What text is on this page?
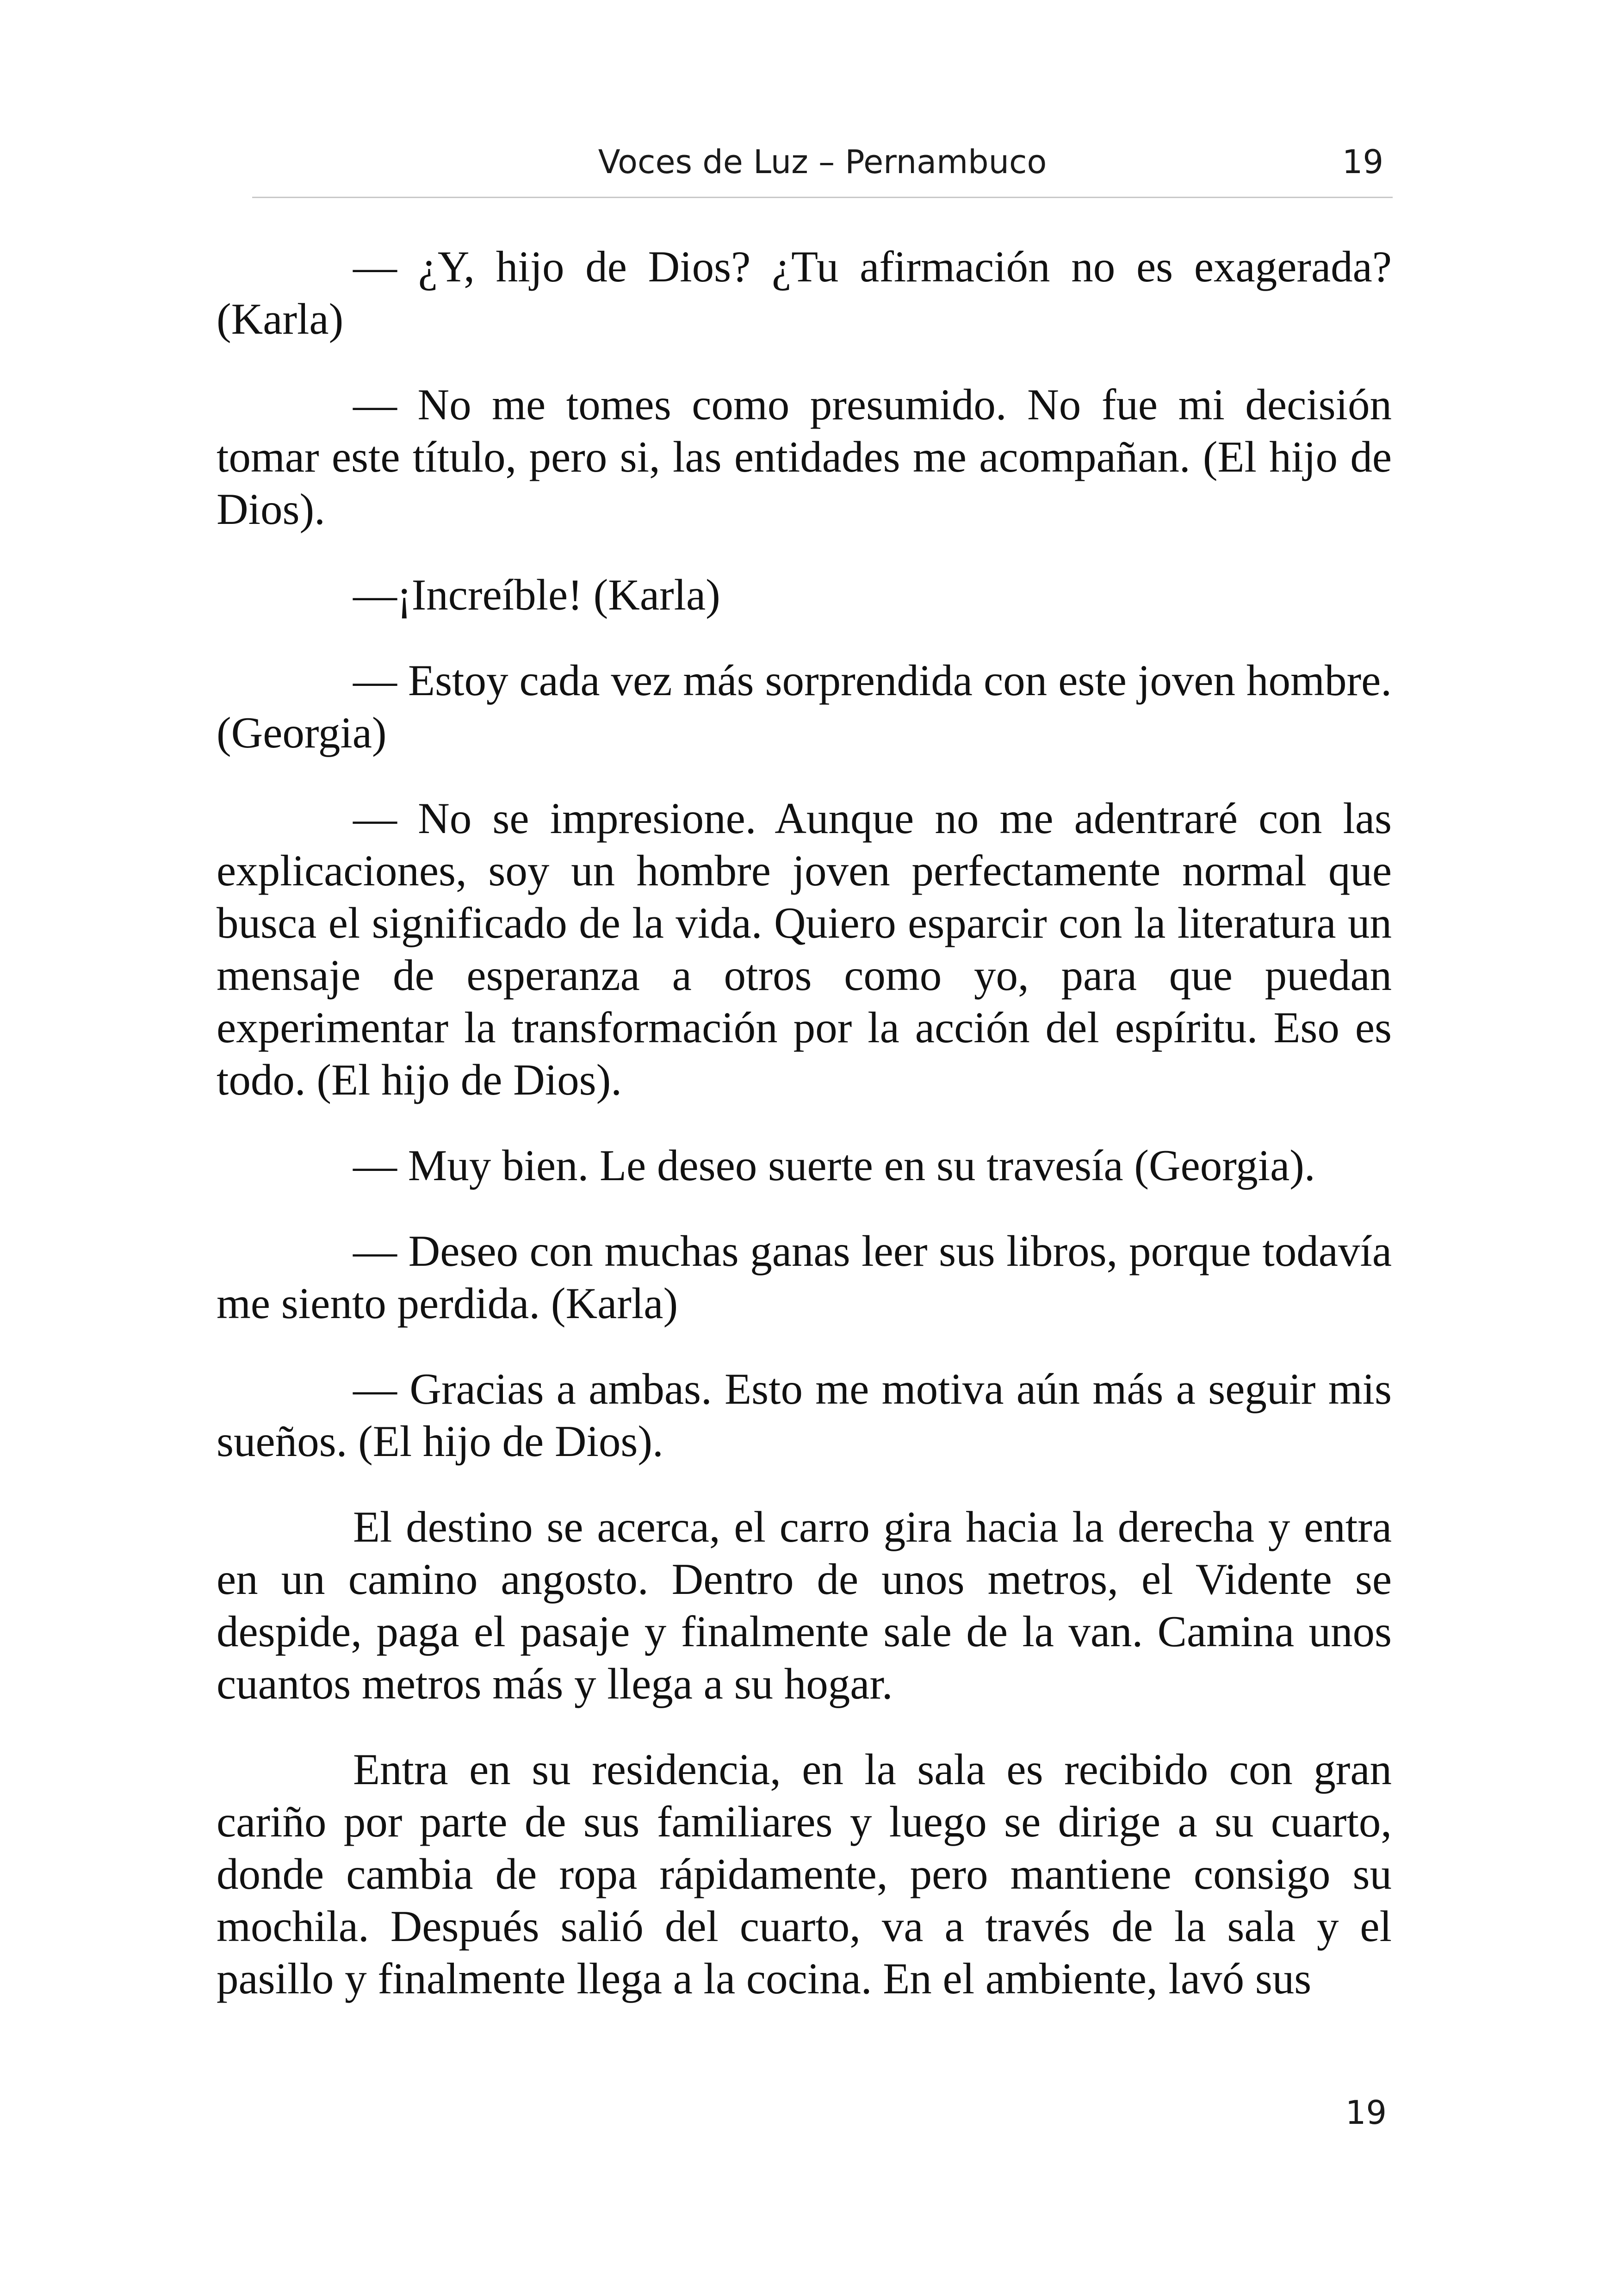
Voces de Luz – Pernambuco	19

— ¿Y, hijo de Dios? ¿Tu afirmación no es exagerada? (Karla)

— No me tomes como presumido. No fue mi decisión tomar este título, pero si, las entidades me acompañan. (El hijo de Dios).

—¡Increíble! (Karla)

— Estoy cada vez más sorprendida con este joven hombre. (Georgia)

— No se impresione. Aunque no me adentraré con las explicaciones, soy un hombre joven perfectamente normal que busca el significado de la vida. Quiero esparcir con la literatura un mensaje de esperanza a otros como yo, para que puedan experimentar la transformación por la acción del espíritu. Eso es todo. (El hijo de Dios).

— Muy bien. Le deseo suerte en su travesía (Georgia).

— Deseo con muchas ganas leer sus libros, porque todavía me siento perdida. (Karla)

— Gracias a ambas. Esto me motiva aún más a seguir mis sueños. (El hijo de Dios).

El destino se acerca, el carro gira hacia la derecha y entra en un camino angosto. Dentro de unos metros, el Vidente se despide, paga el pasaje y finalmente sale de la van. Camina unos cuantos metros más y llega a su hogar.

Entra en su residencia, en la sala es recibido con gran cariño por parte de sus familiares y luego se dirige a su cuarto, donde cambia de ropa rápidamente, pero mantiene consigo su mochila. Después salió del cuarto, va a través de la sala y el pasillo y finalmente llega a la cocina. En el ambiente, lavó sus

19
